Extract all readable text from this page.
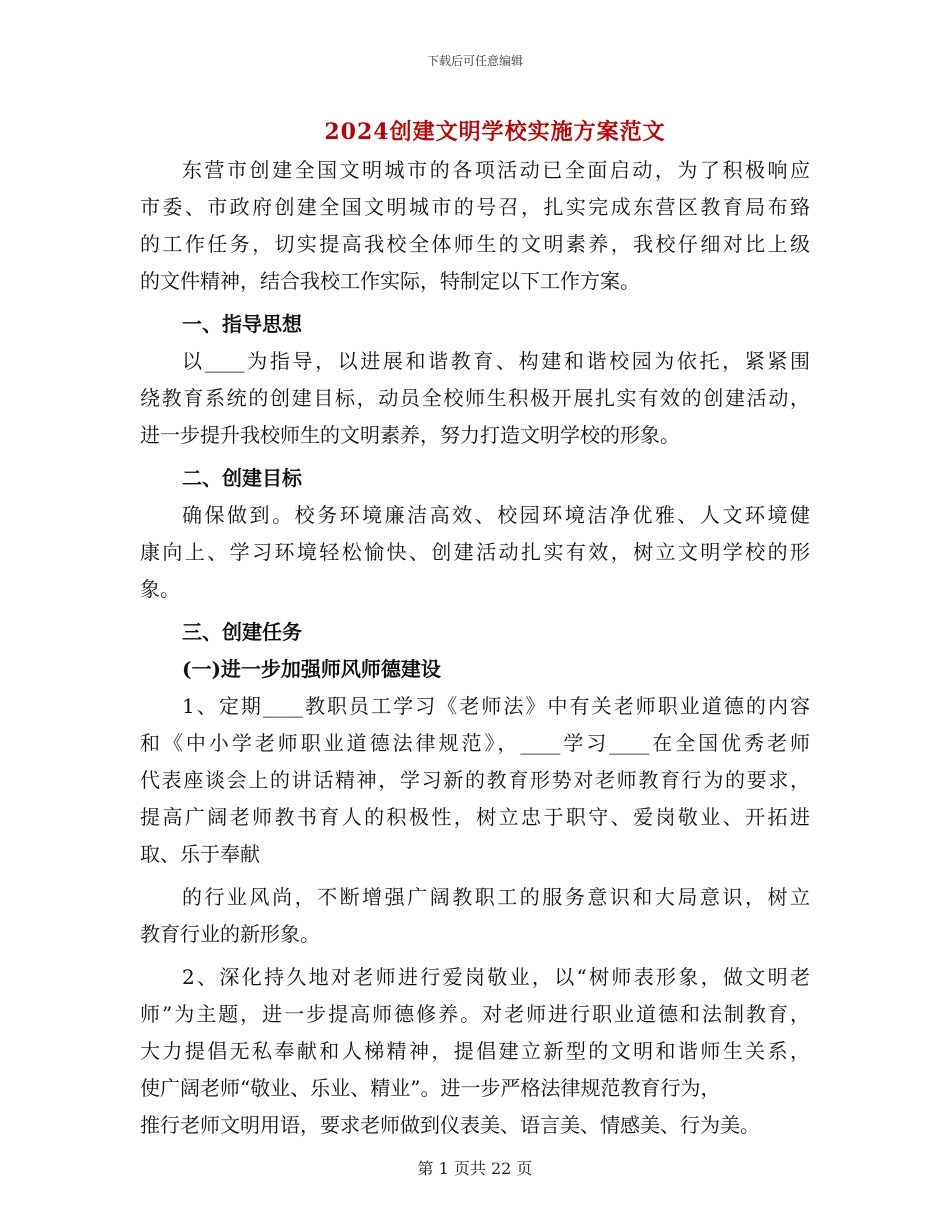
下载后可任意编辑
2024创建文明学校实施方案范文

东营市创建全国文明城市的各项活动已全面启动，为了积极响应

市委、市政府创建全国文明城市的号召，扎实完成东营区教育局布臵

的工作任务，切实提高我校全体师生的文明素养，我校仔细对比上级

的文件精神，结合我校工作实际，特制定以下工作方案。

一、指导思想

以____为指导，以进展和谐教育、构建和谐校园为依托，紧紧围

绕教育系统的创建目标，动员全校师生积极开展扎实有效的创建活动，

进一步提升我校师生的文明素养，努力打造文明学校的形象。

二、创建目标

确保做到。校务环境廉洁高效、校园环境洁净优雅、人文环境健

康向上、学习环境轻松愉快、创建活动扎实有效，树立文明学校的形

象。

三、创建任务

(一)进一步加强师风师德建设

1、定期____教职员工学习《老师法》中有关老师职业道德的内容

和《中小学老师职业道德法律规范》，____学习____在全国优秀老师

代表座谈会上的讲话精神，学习新的教育形势对老师教育行为的要求，

提高广阔老师教书育人的积极性，树立忠于职守、爱岗敬业、开拓进

取、乐于奉献

的行业风尚，不断增强广阔教职工的服务意识和大局意识，树立

教育行业的新形象。

2、深化持久地对老师进行爱岗敬业，以“树师表形象，做文明老

师”为主题，进一步提高师德修养。对老师进行职业道德和法制教育，

大力提倡无私奉献和人梯精神，提倡建立新型的文明和谐师生关系，

使广阔老师“敬业、乐业、精业”。进一步严格法律规范教育行为，

推行老师文明用语，要求老师做到仪表美、语言美、情感美、行为美。

第 1 页共 22 页
